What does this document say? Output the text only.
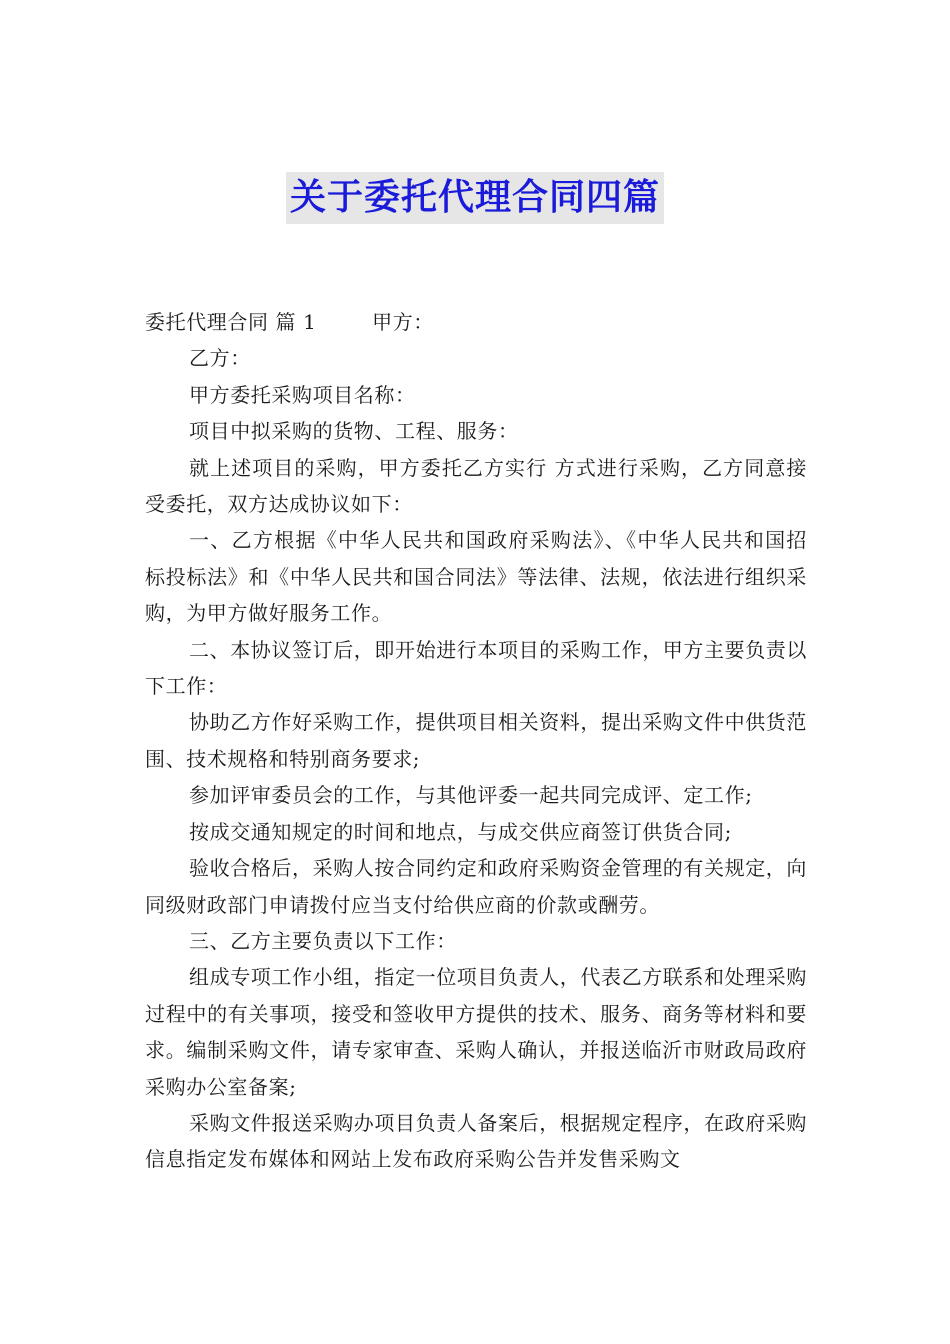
关于委托代理合同四篇

委托代理合同 篇 1        甲方：

乙方：

甲方委托采购项目名称：

项目中拟采购的货物、工程、服务：

就上述项目的采购，甲方委托乙方实行 方式进行采购，乙方同意接受委托，双方达成协议如下：

一、乙方根据《中华人民共和国政府采购法》、《中华人民共和国招标投标法》和《中华人民共和国合同法》等法律、法规，依法进行组织采购，为甲方做好服务工作。

二、本协议签订后，即开始进行本项目的采购工作，甲方主要负责以下工作：

协助乙方作好采购工作，提供项目相关资料，提出采购文件中供货范围、技术规格和特别商务要求;

参加评审委员会的工作，与其他评委一起共同完成评、定工作;

按成交通知规定的时间和地点，与成交供应商签订供货合同;

验收合格后，采购人按合同约定和政府采购资金管理的有关规定，向同级财政部门申请拨付应当支付给供应商的价款或酬劳。

三、乙方主要负责以下工作：

组成专项工作小组，指定一位项目负责人，代表乙方联系和处理采购过程中的有关事项，接受和签收甲方提供的技术、服务、商务等材料和要求。编制采购文件，请专家审查、采购人确认，并报送临沂市财政局政府采购办公室备案;

采购文件报送采购办项目负责人备案后，根据规定程序，在政府采购信息指定发布媒体和网站上发布政府采购公告并发售采购文
